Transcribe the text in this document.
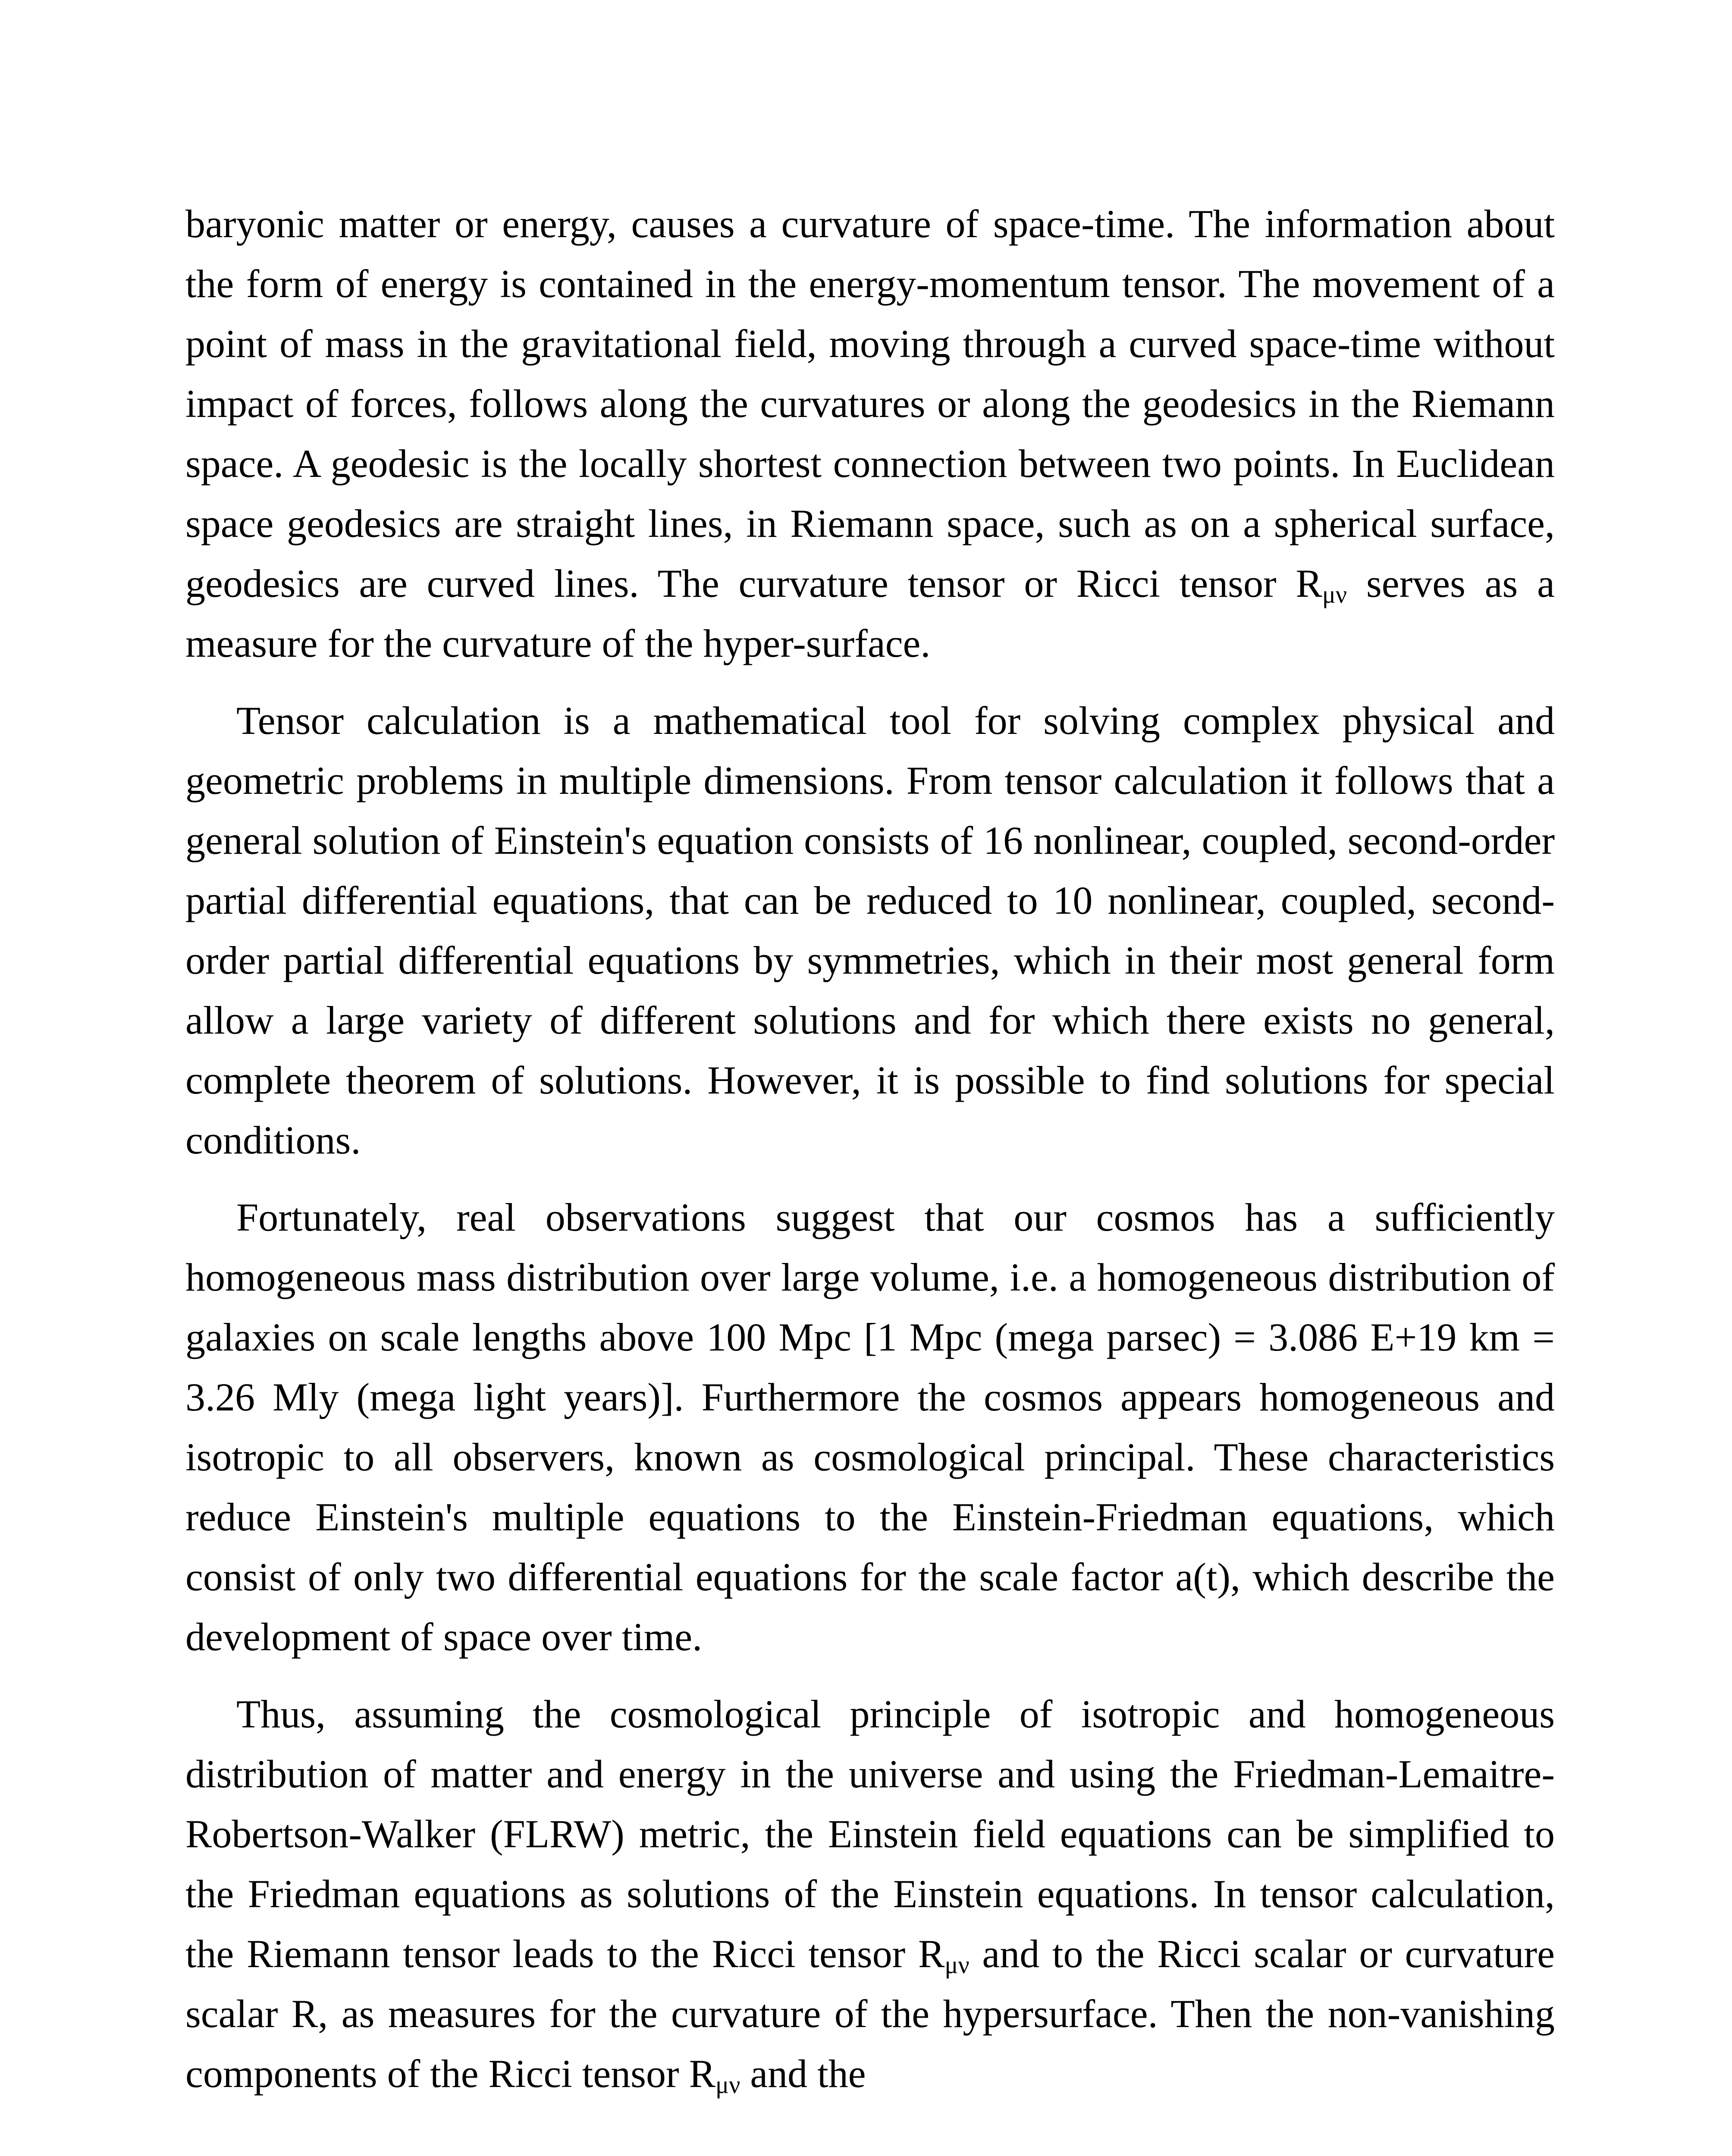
baryonic matter or energy, causes a curvature of space-time. The information about the form of energy is contained in the energy-momentum tensor. The movement of a point of mass in the gravitational field, moving through a curved space-time without impact of forces, follows along the curvatures or along the geodesics in the Riemann space. A geodesic is the locally shortest connection between two points. In Euclidean space geodesics are straight lines, in Riemann space, such as on a spherical surface, geodesics are curved lines. The curvature tensor or Ricci tensor $R_{\mu\nu}$ serves as a measure for the curvature of the hyper-surface.

Tensor calculation is a mathematical tool for solving complex physical and geometric problems in multiple dimensions. From tensor calculation it follows that a general solution of Einstein's equation consists of 16 nonlinear, coupled, second-order partial differential equations, that can be reduced to 10 nonlinear, coupled, second-order partial differential equations by symmetries, which in their most general form allow a large variety of different solutions and for which there exists no general, complete theorem of solutions. However, it is possible to find solutions for special conditions.

Fortunately, real observations suggest that our cosmos has a sufficiently homogeneous mass distribution over large volume, i.e. a homogeneous distribution of galaxies on scale lengths above 100 Mpc [1 Mpc (mega parsec) = 3.086 E+19 km = 3.26 Mly (mega light years)]. Furthermore the cosmos appears homogeneous and isotropic to all observers, known as cosmological principal. These characteristics reduce Einstein's multiple equations to the Einstein-Friedman equations, which consist of only two differential equations for the scale factor a(t), which describe the development of space over time.

Thus, assuming the cosmological principle of isotropic and homogeneous distribution of matter and energy in the universe and using the Friedman-Lemaitre-Robertson-Walker (FLRW) metric, the Einstein field equations can be simplified to the Friedman equations as solutions of the Einstein equations. In tensor calculation, the Riemann tensor leads to the Ricci tensor $R_{\mu\nu}$ and to the Ricci scalar or curvature scalar R, as measures for the curvature of the hypersurface. Then the non-vanishing components of the Ricci tensor $R_{\mu\nu}$ and the
